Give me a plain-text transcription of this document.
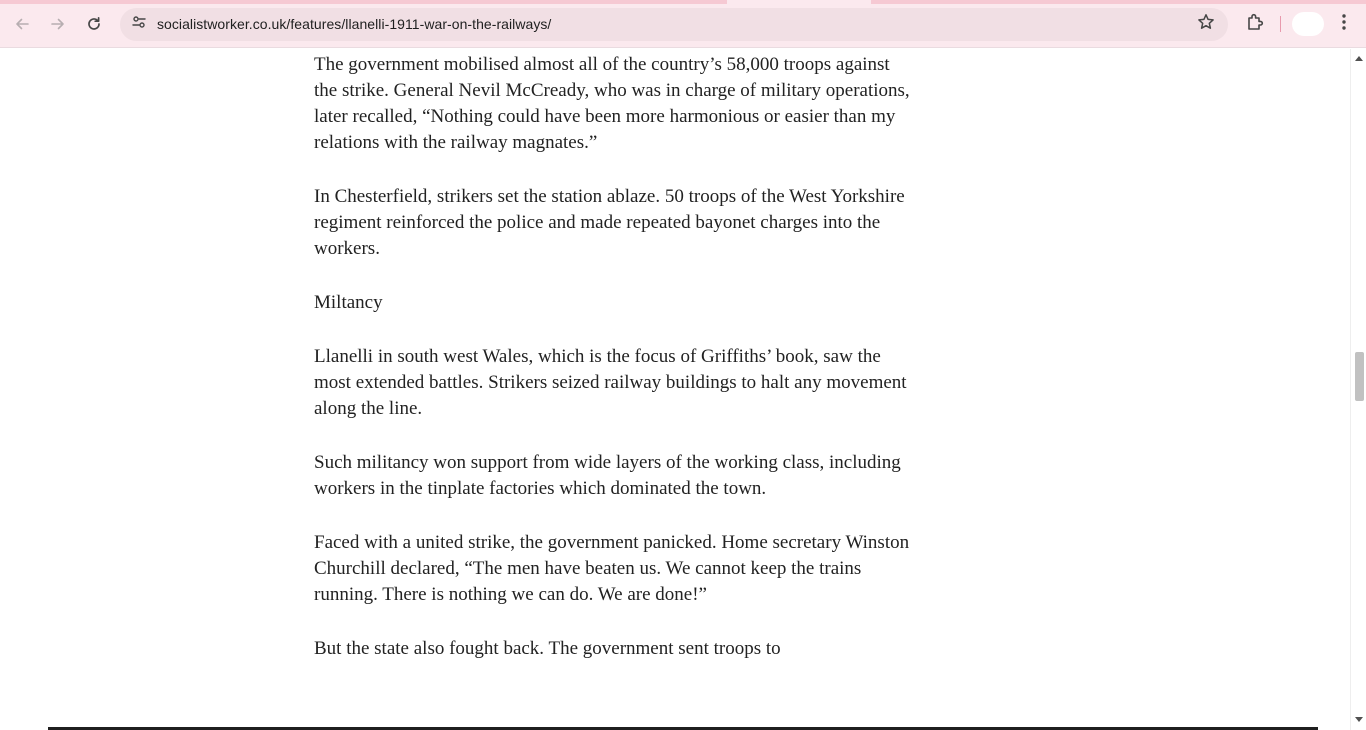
socialistworker.co.uk/features/llanelli-1911-war-on-the-railways/

The government mobilised almost all of the country’s 58,000 troops against the strike. General Nevil McCready, who was in charge of military operations, later recalled, “Nothing could have been more harmonious or easier than my relations with the railway magnates.”

In Chesterfield, strikers set the station ablaze. 50 troops of the West Yorkshire regiment reinforced the police and made repeated bayonet charges into the workers.

Miltancy

Llanelli in south west Wales, which is the focus of Griffiths’ book, saw the most extended battles. Strikers seized railway buildings to halt any movement along the line.

Such militancy won support from wide layers of the working class, including workers in the tinplate factories which dominated the town.

Faced with a united strike, the government panicked. Home secretary Winston Churchill declared, “The men have beaten us. We cannot keep the trains running. There is nothing we can do. We are done!”

But the state also fought back. The government sent troops to
